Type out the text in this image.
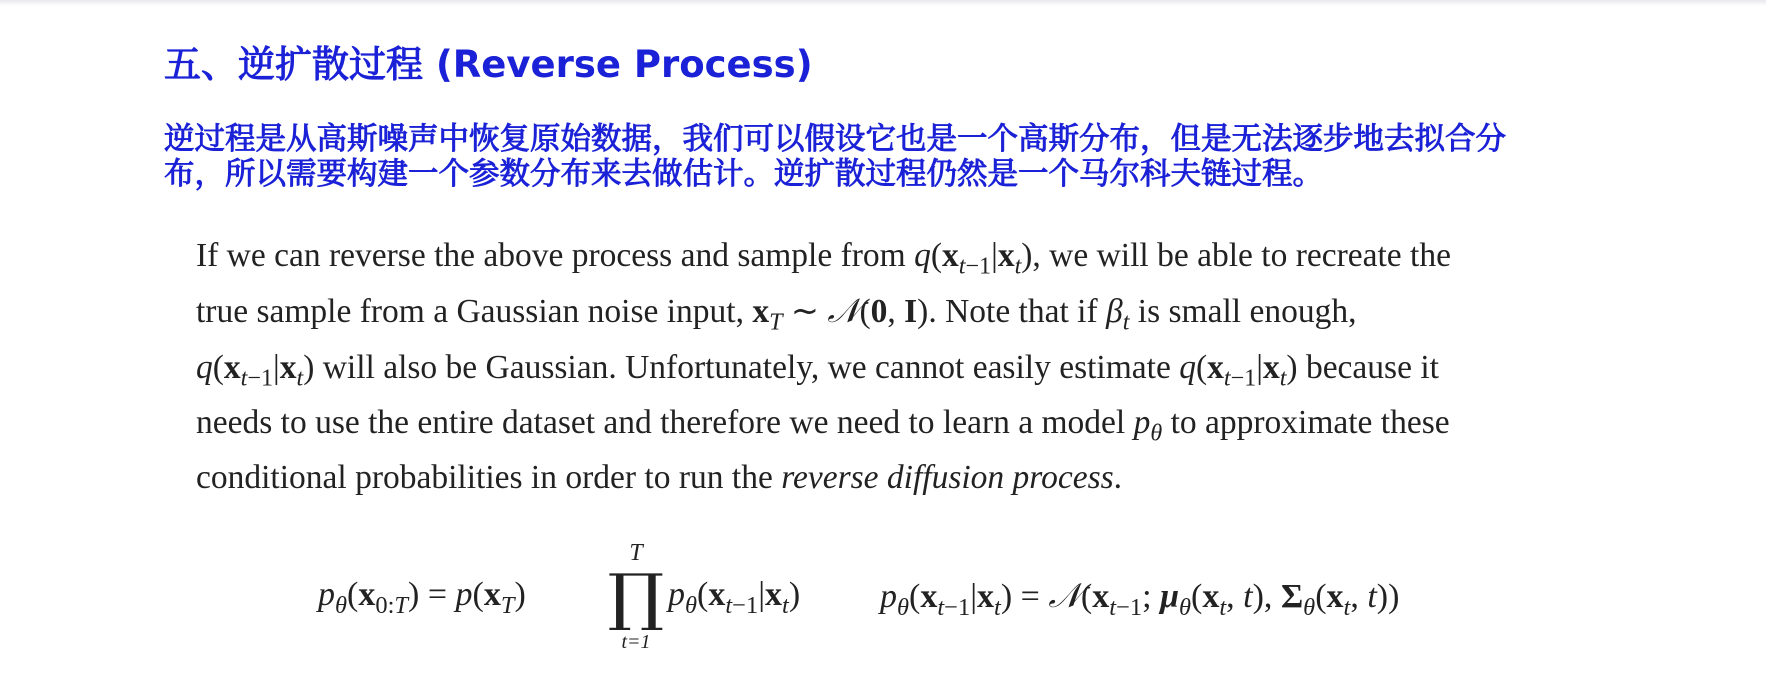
五、逆扩散过程 (Reverse Process)
逆过程是从高斯噪声中恢复原始数据，我们可以假设它也是一个高斯分布，但是无法逐步地去拟合分
布，所以需要构建一个参数分布来去做估计。逆扩散过程仍然是一个马尔科夫链过程。
If we can reverse the above process and sample from $q(x_{t-1}|x_t)$, we will be able to recreate the
true sample from a Gaussian noise input, $x_T$ ∼ 𝒩(0, I). Note that if $\beta_t$ is small enough,
$q(x_{t-1}|x_t)$ will also be Gaussian. Unfortunately, we cannot easily estimate $q(x_{t-1}|x_t)$ because it
needs to use the entire dataset and therefore we need to learn a model $p_\theta$ to approximate these
conditional probabilities in order to run the reverse diffusion process.
$p_\theta(x_{0:T}) = p(x_T)$
T
∏
t=1
$p_\theta(x_{t-1}|x_t) p_\theta(x_{t-1}|x_t)$ = $𝒩(x_{t-1}$; $\mu_\theta(x_t$, t), $\Sigma_\theta(x_t$, t))
